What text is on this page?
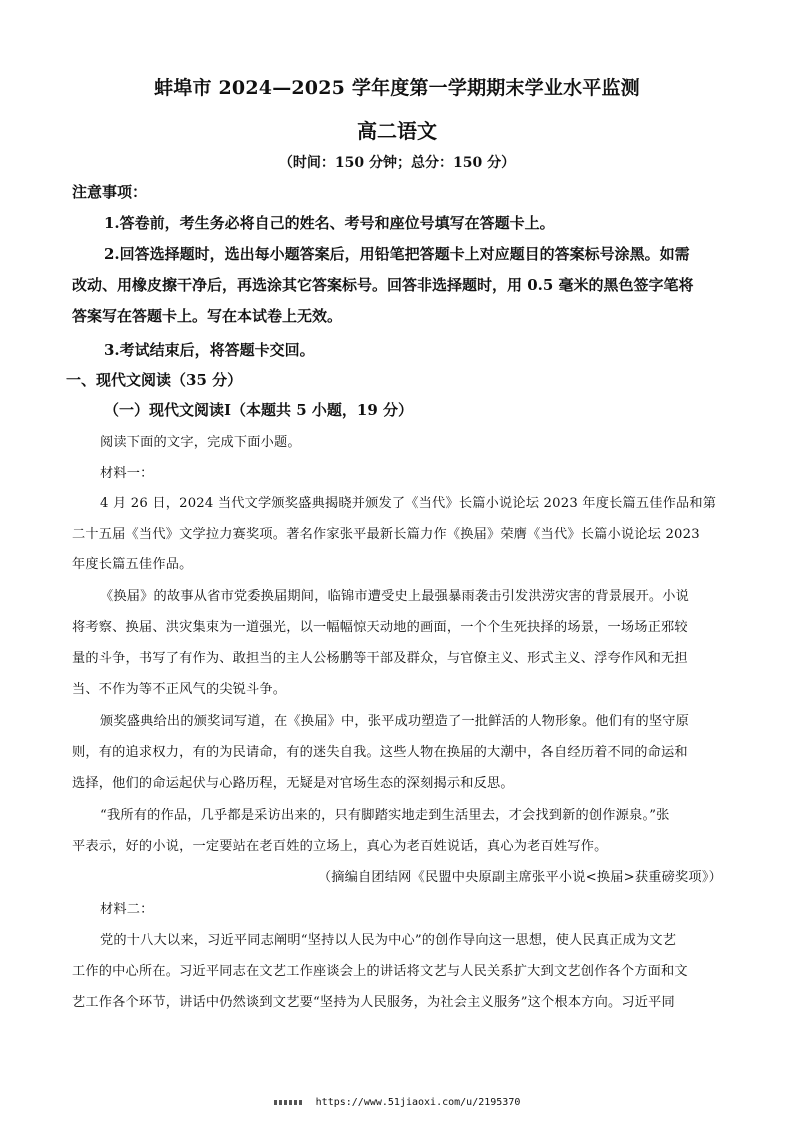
蚌埠市 2024—2025 学年度第一学期期末学业水平监测
高二语文
（时间：150 分钟；总分：150 分）
注意事项：
1.答卷前，考生务必将自己的姓名、考号和座位号填写在答题卡上。
2.回答选择题时，选出每小题答案后，用铅笔把答题卡上对应题目的答案标号涂黑。如需
改动、用橡皮擦干净后，再选涂其它答案标号。回答非选择题时，用 0.5 毫米的黑色签字笔将
答案写在答题卡上。写在本试卷上无效。
3.考试结束后，将答题卡交回。
一、现代文阅读（35 分）
（一）现代文阅读Ⅰ（本题共 5 小题，19 分）
阅读下面的文字，完成下面小题。
材料一：
4 月 26 日，2024 当代文学颁奖盛典揭晓并颁发了《当代》长篇小说论坛 2023 年度长篇五佳作品和第
二十五届《当代》文学拉力赛奖项。著名作家张平最新长篇力作《换届》荣膺《当代》长篇小说论坛 2023
年度长篇五佳作品。
《换届》的故事从省市党委换届期间，临锦市遭受史上最强暴雨袭击引发洪涝灾害的背景展开。小说
将考察、换届、洪灾集束为一道强光，以一幅幅惊天动地的画面，一个个生死抉择的场景，一场场正邪较
量的斗争，书写了有作为、敢担当的主人公杨鹏等干部及群众，与官僚主义、形式主义、浮夸作风和无担
当、不作为等不正风气的尖锐斗争。
颁奖盛典给出的颁奖词写道，在《换届》中，张平成功塑造了一批鲜活的人物形象。他们有的坚守原
则，有的追求权力，有的为民请命，有的迷失自我。这些人物在换届的大潮中，各自经历着不同的命运和
选择，他们的命运起伏与心路历程，无疑是对官场生态的深刻揭示和反思。
“我所有的作品，几乎都是采访出来的，只有脚踏实地走到生活里去，才会找到新的创作源泉。”张
平表示，好的小说，一定要站在老百姓的立场上，真心为老百姓说话，真心为老百姓写作。
（摘编自团结网《民盟中央原副主席张平小说<换届>获重磅奖项》）
材料二：
党的十八大以来，习近平同志阐明“坚持以人民为中心”的创作导向这一思想，使人民真正成为文艺
工作的中心所在。习近平同志在文艺工作座谈会上的讲话将文艺与人民关系扩大到文艺创作各个方面和文
艺工作各个环节，讲话中仍然谈到文艺要“坚持为人民服务，为社会主义服务”这个根本方向。习近平同
https://www.51jiaoxi.com/u/2195370
